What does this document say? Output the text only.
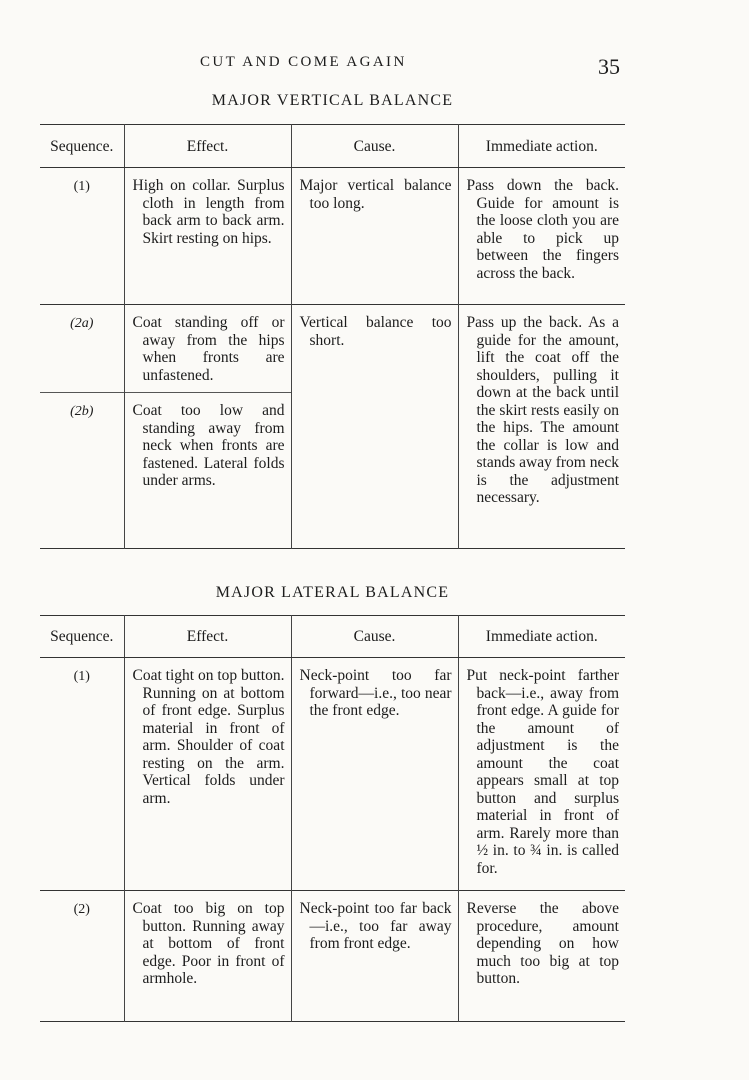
CUT AND COME AGAIN	35
MAJOR VERTICAL BALANCE
Sequence.	Effect.	Cause.	Immediate action.
(1)	High on collar. Surplus cloth in length from back arm to back arm. Skirt resting on hips.	Major vertical balance too long.	Pass down the back. Guide for amount is the loose cloth you are able to pick up between the fingers across the back.
(2a)	Coat standing off or away from the hips when fronts are unfastened.	Vertical balance too short.	Pass up the back. As a guide for the amount, lift the coat off the shoulders, pulling it down at the back until the skirt rests easily on the hips. The amount the collar is low and stands away from neck is the adjustment necessary.
(2b)	Coat too low and standing away from neck when fronts are fastened. Lateral folds under arms.		
MAJOR LATERAL BALANCE
Sequence.	Effect.	Cause.	Immediate action.
(1)	Coat tight on top button. Running on at bottom of front edge. Surplus material in front of arm. Shoulder of coat resting on the arm. Vertical folds under arm.	Neck-point too far forward—i.e., too near the front edge.	Put neck-point farther back—i.e., away from front edge. A guide for the amount of adjustment is the amount the coat appears small at top button and surplus material in front of arm. Rarely more than ½ in. to ¾ in. is called for.
(2)	Coat too big on top button. Running away at bottom of front edge. Poor in front of armhole.	Neck-point too far back—i.e., too far away from front edge.	Reverse the above procedure, amount depending on how much too big at top button.
